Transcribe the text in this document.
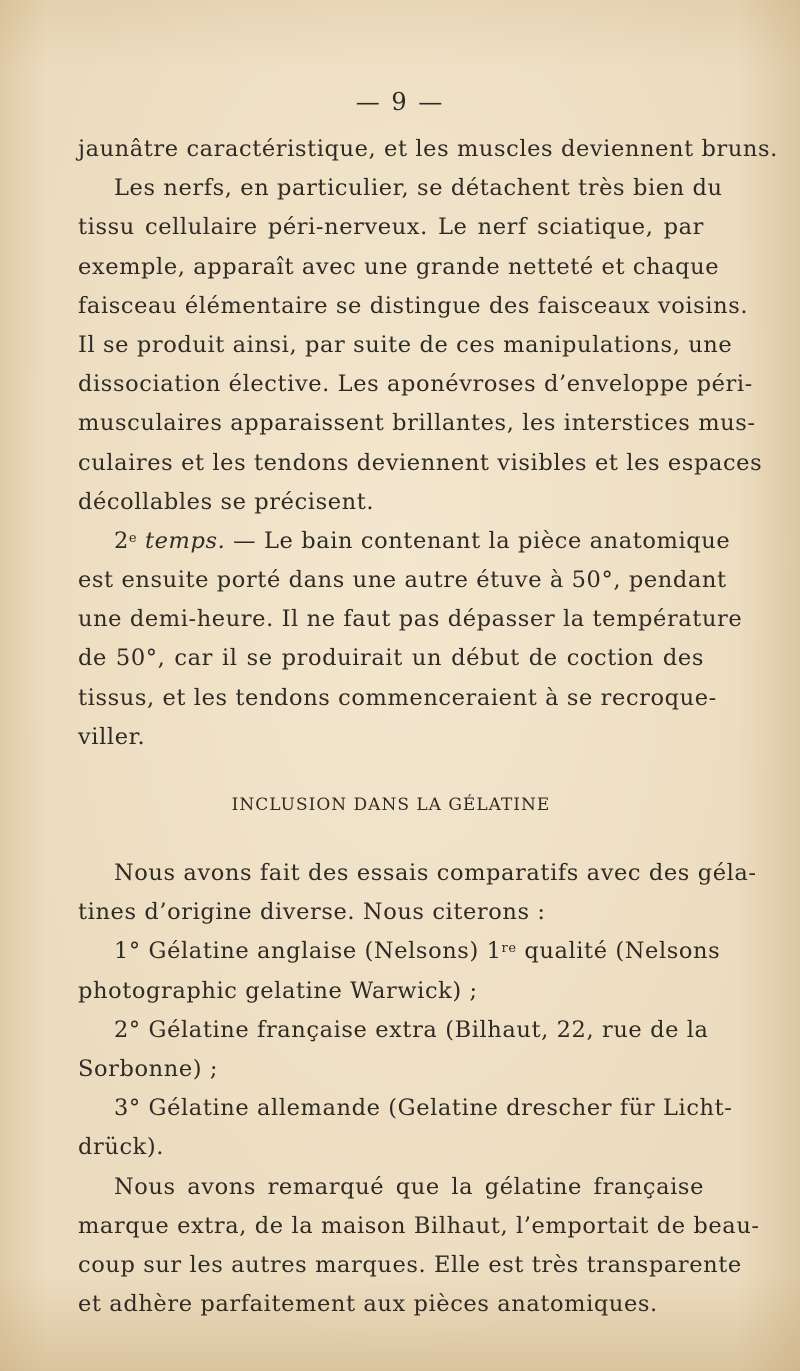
— 9 —
jaunâtre caractéristique, et les muscles deviennent bruns.
Les nerfs, en particulier, se détachent très bien du
tissu cellulaire péri-nerveux. Le nerf sciatique, par
exemple, apparaît avec une grande netteté et chaque
faisceau élémentaire se distingue des faisceaux voisins.
Il se produit ainsi, par suite de ces manipulations, une
dissociation élective. Les aponévroses d’enveloppe péri-
musculaires apparaissent brillantes, les interstices mus-
culaires et les tendons deviennent visibles et les espaces
décollables se précisent.
2e temps. — Le bain contenant la pièce anatomique
est ensuite porté dans une autre étuve à 50°, pendant
une demi-heure. Il ne faut pas dépasser la température
de 50°, car il se produirait un début de coction des
tissus, et les tendons commenceraient à se recroque-
viller.
INCLUSION DANS LA GÉLATINE
Nous avons fait des essais comparatifs avec des géla-
tines d’origine diverse. Nous citerons :
1° Gélatine anglaise (Nelsons) 1re qualité (Nelsons
photographic gelatine Warwick) ;
2° Gélatine française extra (Bilhaut, 22, rue de la
Sorbonne) ;
3° Gélatine allemande (Gelatine drescher für Licht-
drück).
Nous avons remarqué que la gélatine française
marque extra, de la maison Bilhaut, l’emportait de beau-
coup sur les autres marques. Elle est très transparente
et adhère parfaitement aux pièces anatomiques.
